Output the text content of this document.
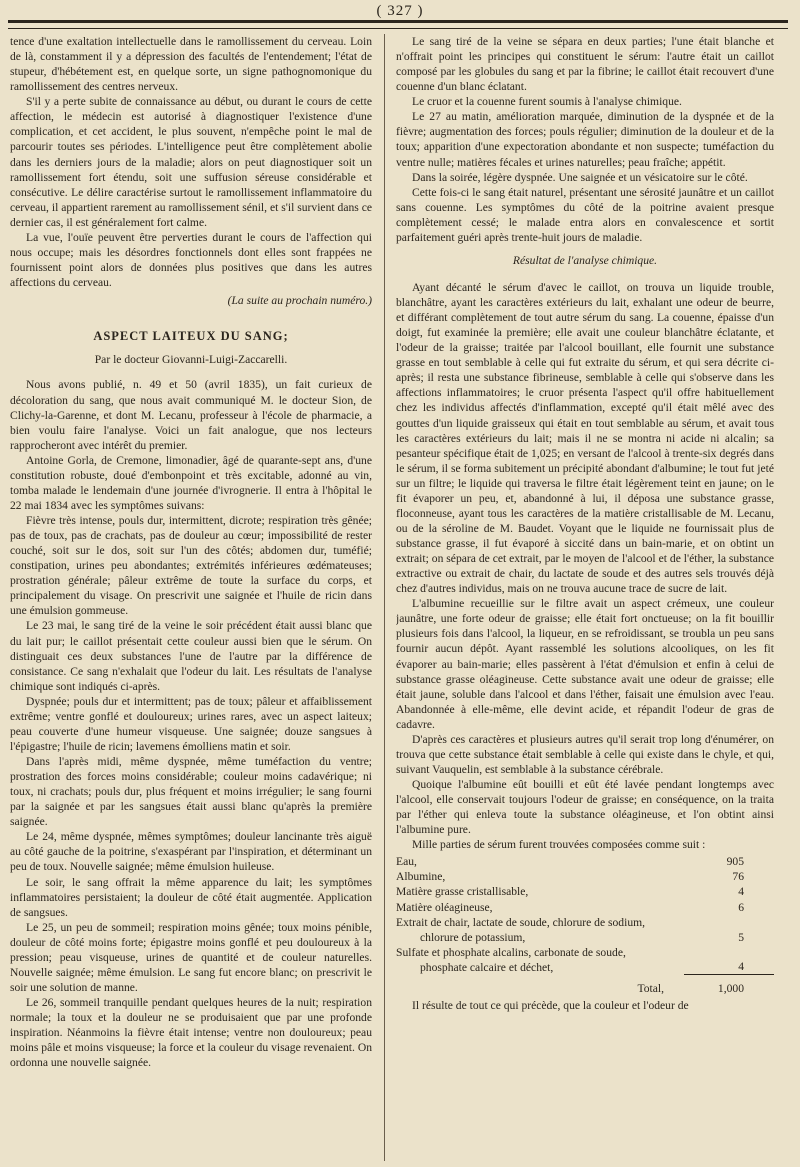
( 327 )

tence d'une exaltation intellectuelle dans le ramollissement du cerveau. Loin de là, constamment il y a dépression des facultés de l'entendement; l'état de stupeur, d'hébétement est, en quelque sorte, un signe pathognomonique du ramollissement des centres nerveux.

S'il y a perte subite de connaissance au début, ou durant le cours de cette affection, le médecin est autorisé à diagnostiquer l'existence d'une complication, et cet accident, le plus souvent, n'empêche point le mal de parcourir toutes ses périodes. L'intelligence peut être complètement abolie dans les derniers jours de la maladie; alors on peut diagnostiquer soit un ramollissement fort étendu, soit une suffusion séreuse considérable et consécutive. Le délire caractérise surtout le ramollissement inflammatoire du cerveau, il appartient rarement au ramollissement sénil, et s'il survient dans ce dernier cas, il est généralement fort calme.

La vue, l'ouïe peuvent être perverties durant le cours de l'affection qui nous occupe; mais les désordres fonctionnels dont elles sont frappées ne fournissent point alors de données plus positives que dans les autres affections du cerveau.

(La suite au prochain numéro.)
ASPECT LAITEUX DU SANG;
Par le docteur Giovanni-Luigi-Zaccarelli.

Nous avons publié, n. 49 et 50 (avril 1835), un fait curieux de décoloration du sang, que nous avait communiqué M. le docteur Sion, de Clichy-la-Garenne, et dont M. Lecanu, professeur à l'école de pharmacie, a bien voulu faire l'analyse. Voici un fait analogue, que nos lecteurs rapprocheront avec intérêt du premier.

Antoine Gorla, de Cremone, limonadier, âgé de quarante-sept ans, d'une constitution robuste, doué d'embonpoint et très excitable, adonné au vin, tomba malade le lendemain d'une journée d'ivrognerie. Il entra à l'hôpital le 22 mai 1834 avec les symptômes suivans:

Fièvre très intense, pouls dur, intermittent, dicrote; respiration très gênée; pas de toux, pas de crachats, pas de douleur au cœur; impossibilité de rester couché, soit sur le dos, soit sur l'un des côtés; abdomen dur, tuméfié; constipation, urines peu abondantes; extrémités inférieures œdémateuses; prostration générale; pâleur extrême de toute la surface du corps, et principalement du visage. On prescrivit une saignée et l'huile de ricin dans une émulsion gommeuse.

Le 23 mai, le sang tiré de la veine le soir précédent était aussi blanc que du lait pur; le caillot présentait cette couleur aussi bien que le sérum. On distinguait ces deux substances l'une de l'autre par la différence de consistance. Ce sang n'exhalait que l'odeur du lait. Les résultats de l'analyse chimique sont indiqués ci-après.

Dyspnée; pouls dur et intermittent; pas de toux; pâleur et affaiblissement extrême; ventre gonflé et douloureux; urines rares, avec un aspect laiteux; peau couverte d'une humeur visqueuse. Une saignée; douze sangsues à l'épigastre; l'huile de ricin; lavemens émolliens matin et soir.

Dans l'après midi, même dyspnée, même tuméfaction du ventre; prostration des forces moins considérable; couleur moins cadavérique; ni toux, ni crachats; pouls dur, plus fréquent et moins irrégulier; le sang fourni par la saignée et par les sangsues était aussi blanc qu'après la première saignée.

Le 24, même dyspnée, mêmes symptômes; douleur lancinante très aiguë au côté gauche de la poitrine, s'exaspérant par l'inspiration, et déterminant un peu de toux. Nouvelle saignée; même émulsion huileuse.

Le soir, le sang offrait la même apparence du lait; les symptômes inflammatoires persistaient; la douleur de côté était augmentée. Application de sangsues.

Le 25, un peu de sommeil; respiration moins gênée; toux moins pénible, douleur de côté moins forte; épigastre moins gonflé et peu douloureux à la pression; peau visqueuse, urines de quantité et de couleur naturelles. Nouvelle saignée; même émulsion. Le sang fut encore blanc; on prescrivit le soir une solution de manne.

Le 26, sommeil tranquille pendant quelques heures de la nuit; respiration normale; la toux et la douleur ne se produisaient que par une profonde inspiration. Néanmoins la fièvre était intense; ventre non douloureux; peau moins pâle et moins visqueuse; la force et la couleur du visage revenaient. On ordonna une nouvelle saignée.

Le sang tiré de la veine se sépara en deux parties; l'une était blanche et n'offrait point les principes qui constituent le sérum: l'autre était un caillot composé par les globules du sang et par la fibrine; le caillot était recouvert d'une couenne d'un blanc éclatant.

Le cruor et la couenne furent soumis à l'analyse chimique.

Le 27 au matin, amélioration marquée, diminution de la dyspnée et de la fièvre; augmentation des forces; pouls régulier; diminution de la douleur et de la toux; apparition d'une expectoration abondante et non suspecte; tuméfaction du ventre nulle; matières fécales et urines naturelles; peau fraîche; appétit.

Dans la soirée, légère dyspnée. Une saignée et un vésicatoire sur le côté.

Cette fois-ci le sang était naturel, présentant une sérosité jaunâtre et un caillot sans couenne. Les symptômes du côté de la poitrine avaient presque complètement cessé; le malade entra alors en convalescence et sortit parfaitement guéri après trente-huit jours de maladie.

Résultat de l'analyse chimique.

Ayant décanté le sérum d'avec le caillot, on trouva un liquide trouble, blanchâtre, ayant les caractères extérieurs du lait, exhalant une odeur de beurre, et différant complètement de tout autre sérum du sang. La couenne, épaisse d'un doigt, fut examinée la première; elle avait une couleur blanchâtre éclatante, et l'odeur de la graisse; traitée par l'alcool bouillant, elle fournit une substance grasse en tout semblable à celle qui fut extraite du sérum, et qui sera décrite ci-après; il resta une substance fibrineuse, semblable à celle qui s'observe dans les affections inflammatoires; le cruor présenta l'aspect qu'il offre habituellement chez les individus affectés d'inflammation, excepté qu'il était mêlé avec des gouttes d'un liquide graisseux qui était en tout semblable au sérum, et avait tous les caractères extérieurs du lait; mais il ne se montra ni acide ni alcalin; sa pesanteur spécifique était de 1,025; en versant de l'alcool à trente-six degrés dans le sérum, il se forma subitement un précipité abondant d'albumine; le tout fut jeté sur un filtre; le liquide qui traversa le filtre était légèrement teint en jaune; on le fit évaporer un peu, et, abandonné à lui, il déposa une substance grasse, floconneuse, ayant tous les caractères de la matière cristallisable de M. Lecanu, ou de la séroline de M. Baudet. Voyant que le liquide ne fournissait plus de substance grasse, il fut évaporé à siccité dans un bain-marie, et on obtint un extrait; on sépara de cet extrait, par le moyen de l'alcool et de l'éther, la substance extractive ou extrait de chair, du lactate de soude et des autres sels trouvés déjà chez d'autres individus, mais on ne trouva aucune trace de sucre de lait.

L'albumine recueillie sur le filtre avait un aspect crémeux, une couleur jaunâtre, une forte odeur de graisse; elle était fort onctueuse; on la fit bouillir plusieurs fois dans l'alcool, la liqueur, en se refroidissant, se troubla un peu sans fournir aucun dépôt. Ayant rassemblé les solutions alcooliques, on les fit évaporer au bain-marie; elles passèrent à l'état d'émulsion et enfin à celui de substance grasse oléagineuse. Cette substance avait une odeur de graisse; elle était jaune, soluble dans l'alcool et dans l'éther, faisait une émulsion avec l'eau. Abandonnée à elle-même, elle devint acide, et répandit l'odeur de gras de cadavre.

D'après ces caractères et plusieurs autres qu'il serait trop long d'énumérer, on trouva que cette substance était semblable à celle qui existe dans le chyle, et qui, suivant Vauquelin, est semblable à la substance cérébrale.

Quoique l'albumine eût bouilli et eût été lavée pendant longtemps avec l'alcool, elle conservait toujours l'odeur de graisse; en conséquence, on la traita par l'éther qui enleva toute la substance oléagineuse, et l'on obtint ainsi l'albumine pure.

Mille parties de sérum furent trouvées composées comme suit :

Eau,	905

Albumine,	76

Matière grasse cristallisable,	4

Matière oléagineuse,	6

Extrait de chair, lactate de soude, chlorure de sodium,
chlorure de potassium,	5

Sulfate et phosphate alcalins, carbonate de soude,
phosphate calcaire et déchet,	4
Total,	1,000

Il résulte de tout ce qui précède, que la couleur et l'odeur de
